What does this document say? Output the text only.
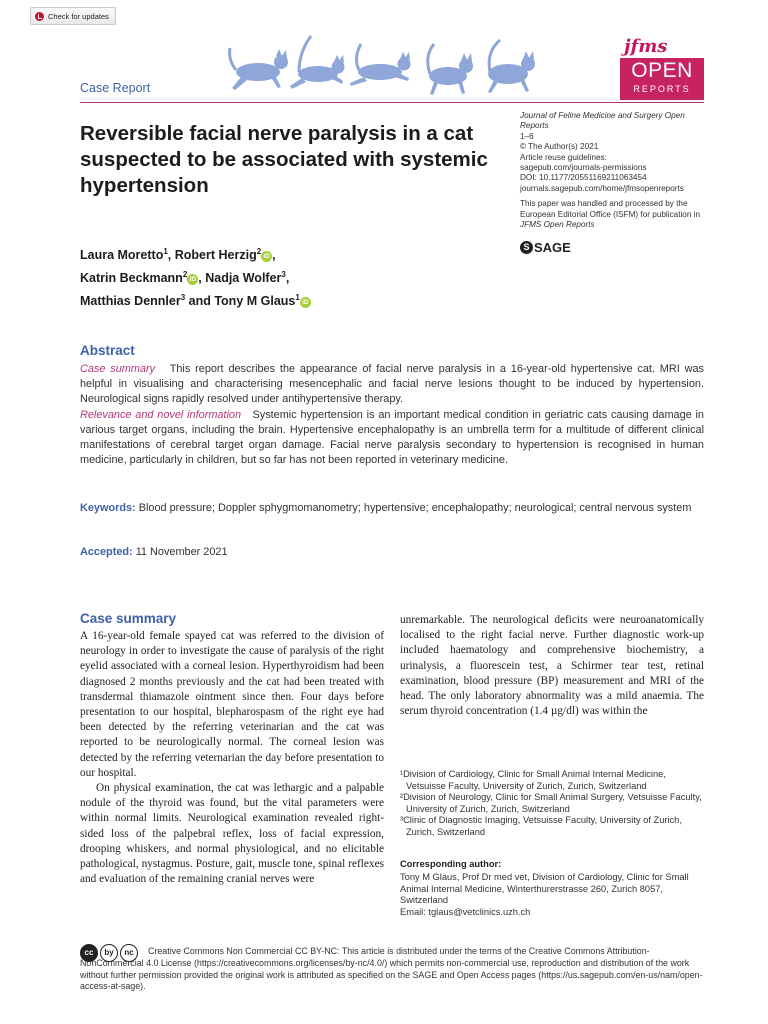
Check for updates
Case Report
jfms
OPEN
REPORTS
Reversible facial nerve paralysis in a cat suspected to be associated with systemic hypertension
Journal of Feline Medicine and Surgery Open Reports
1–6
© The Author(s) 2021
Article reuse guidelines:
sagepub.com/journals-permissions
DOI: 10.1177/20551169211063454
journals.sagepub.com/home/jfmsopenreports
This paper was handled and processed by the European Editorial Office (ISFM) for publication in JFMS Open Reports
S SAGE
Laura Moretto$^1$, Robert Herzig$^2$iD ,
Katrin Beckmann$^2$iD , Nadja Wolfer$^3$,
Matthias Dennler$^3$ and Tony M Glaus$^1$iD
Abstract

Case summary This report describes the appearance of facial nerve paralysis in a 16-year-old hypertensive cat. MRI was helpful in visualising and characterising mesencephalic and facial nerve lesions thought to be induced by hypertension. Neurological signs rapidly resolved under antihypertensive therapy.

Relevance and novel information Systemic hypertension is an important medical condition in geriatric cats causing damage in various target organs, including the brain. Hypertensive encephalopathy is an umbrella term for a multitude of different clinical manifestations of cerebral target organ damage. Facial nerve paralysis secondary to hypertension is recognised in human medicine, particularly in children, but so far has not been reported in veterinary medicine.

Keywords: Blood pressure; Doppler sphygmomanometry; hypertensive; encephalopathy; neurological; central nervous system
Accepted: 11 November 2021
Case summary

A 16-year-old female spayed cat was referred to the division of neurology in order to investigate the cause of paralysis of the right eyelid associated with a corneal lesion. Hyperthyroidism had been diagnosed 2 months previously and the cat had been treated with transdermal thiamazole ointment since then. Four days before presentation to our hospital, blepharospasm of the right eye had been detected by the referring veterinarian and the cat was reported to be neurologically normal. The corneal lesion was detected by the referring veternarian the day before presentation to our hospital.

On physical examination, the cat was lethargic and a palpable nodule of the thyroid was found, but the vital parameters were within normal limits. Neurological examination revealed right-sided loss of the palpebral reflex, loss of facial expression, drooping whiskers, and normal physiological, and no elicitable pathological, nystagmus. Posture, gait, muscle tone, spinal reflexes and evaluation of the remaining cranial nerves were

unremarkable. The neurological deficits were neuroanatomically localised to the right facial nerve. Further diagnostic work-up included haematology and comprehensive biochemistry, a urinalysis, a fluorescein test, a Schirmer tear test, retinal examination, blood pressure (BP) measurement and MRI of the head. The only laboratory abnormality was a mild anaemia. The serum thyroid concentration (1.4 µg/dl) was within the

¹Division of Cardiology, Clinic for Small Animal Internal Medicine, Vetsuisse Faculty, University of Zurich, Zurich, Switzerland

²Division of Neurology, Clinic for Small Animal Surgery, Vetsuisse Faculty, University of Zurich, Zurich, Switzerland

³Clinic of Diagnostic Imaging, Vetsuisse Faculty, University of Zurich, Zurich, Switzerland

Corresponding author:
Tony M Glaus, Prof Dr med vet, Division of Cardiology, Clinic for Small Animal Internal Medicine, Winterthurerstrasse 260, Zurich 8057, Switzerland
Email: tglaus@vetclinics.uzh.ch
cc	by	nc	Creative Commons Non Commercial CC BY-NC: This article is distributed under the terms of the Creative Commons Attribution-NonCommercial 4.0 License (https://creativecommons.org/licenses/by-nc/4.0/) which permits non-commercial use, reproduction and distribution of the work without further permission provided the original work is attributed as specified on the SAGE and Open Access pages (https://us.sagepub.com/en-us/nam/open-access-at-sage).
